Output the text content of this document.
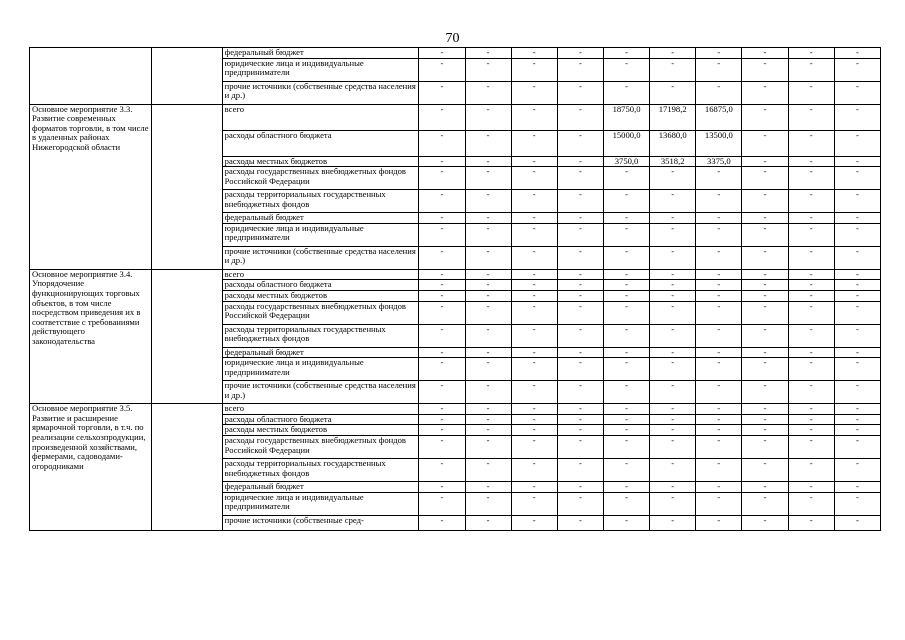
70
		федеральный бюджет	-	-	-	-	-	-	-	-	-	-
		юридические лица и индивидуальные предприниматели	-	-	-	-	-	-	-	-	-	-
		прочие источники (собственные средства населения и др.)	-	-	-	-	-	-	-	-	-	-
Основное мероприятие 3.3. Развитие современных форматов торговли, в том числе в удаленных районах Нижегородской области		всего	-	-	-	-	18750,0	17198,2	16875,0	-	-	-
		расходы областного бюджета	-	-	-	-	15000,0	13680,0	13500,0	-	-	-
		расходы местных бюджетов	-	-	-	-	3750,0	3518,2	3375,0	-	-	-
		расходы государственных внебюджетных фондов Российской Федерации	-	-	-	-	-	-	-	-	-	-
		расходы территориальных государственных внебюджетных фондов	-	-	-	-	-	-	-	-	-	-
		федеральный бюджет	-	-	-	-	-	-	-	-	-	-
		юридические лица и индивидуальные предприниматели	-	-	-	-	-	-	-	-	-	-
		прочие источники (собственные средства населения и др.)	-	-	-	-	-	-	-	-	-	-
Основное мероприятие 3.4. Упорядочение функционирующих торговых объектов, в том числе посредством приведения их в соответствие с требованиями действующего законодательства		всего	-	-	-	-	-	-	-	-	-	-
		расходы областного бюджета	-	-	-	-	-	-	-	-	-	-
		расходы местных бюджетов	-	-	-	-	-	-	-	-	-	-
		расходы государственных внебюджетных фондов Российской Федерации	-	-	-	-	-	-	-	-	-	-
		расходы территориальных государственных внебюджетных фондов	-	-	-	-	-	-	-	-	-	-
		федеральный бюджет	-	-	-	-	-	-	-	-	-	-
		юридические лица и индивидуальные предприниматели	-	-	-	-	-	-	-	-	-	-
		прочие источники (собственные средства населения и др.)	-	-	-	-	-	-	-	-	-	-
Основное мероприятие 3.5. Развитие и расширение ярмарочной торговли, в т.ч. по реализации сельхозпродукции, произведенной хозяйствами, фермерами, садоводами-огородниками		всего	-	-	-	-	-	-	-	-	-	-
		расходы областного бюджета	-	-	-	-	-	-	-	-	-	-
		расходы местных бюджетов	-	-	-	-	-	-	-	-	-	-
		расходы государственных внебюджетных фондов Российской Федерации	-	-	-	-	-	-	-	-	-	-
		расходы территориальных государственных внебюджетных фондов	-	-	-	-	-	-	-	-	-	-
		федеральный бюджет	-	-	-	-	-	-	-	-	-	-
		юридические лица и индивидуальные предприниматели	-	-	-	-	-	-	-	-	-	-
		прочие источники (собственные сред-	-	-	-	-	-	-	-	-	-	-
